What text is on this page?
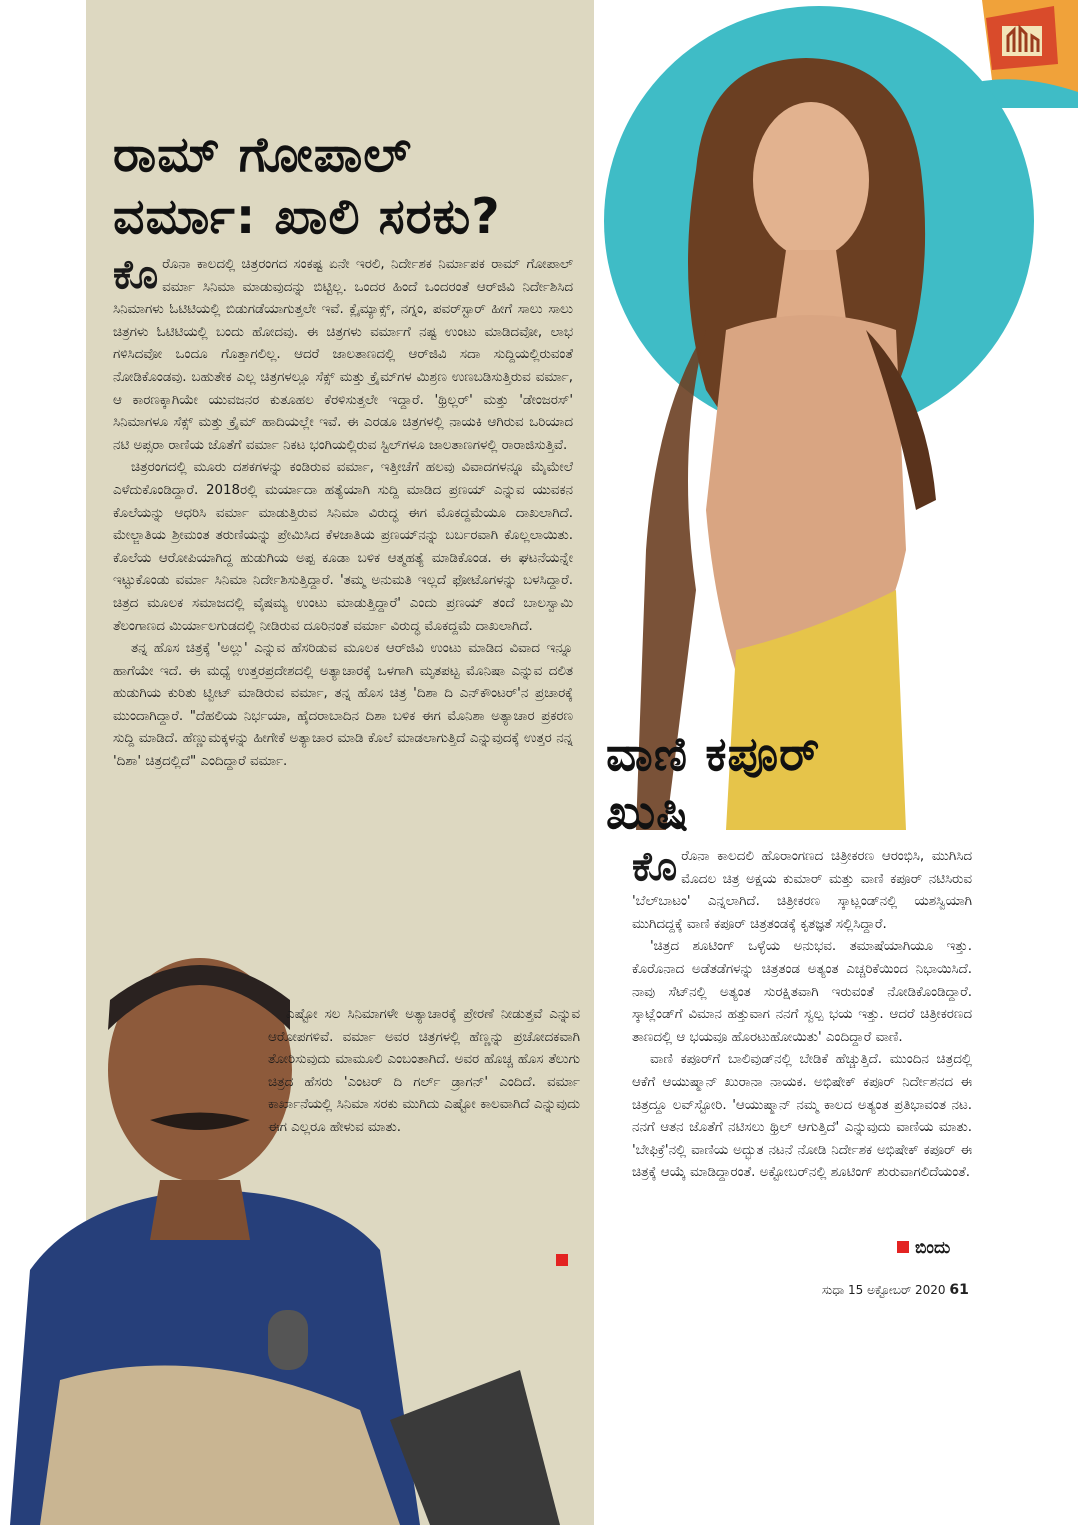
ರಾಮ್ ಗೋಪಾಲ್
ವರ್ಮಾ: ಖಾಲಿ ಸರಕು?

ಕೊರೊನಾ ಕಾಲದಲ್ಲಿ ಚಿತ್ರರಂಗದ ಸಂಕಷ್ಟ ಏನೇ ಇರಲಿ, ನಿರ್ದೇಶಕ ನಿರ್ಮಾಪಕ ರಾಮ್ ಗೋಪಾಲ್ ವರ್ಮಾ ಸಿನಿಮಾ ಮಾಡುವುದನ್ನು ಬಿಟ್ಟಿಲ್ಲ. ಒಂದರ ಹಿಂದೆ ಒಂದರಂತೆ ಆರ್‌ಜಿವಿ ನಿರ್ದೇಶಿಸಿದ ಸಿನಿಮಾಗಳು ಓಟಿಟಿಯಲ್ಲಿ ಬಿಡುಗಡೆಯಾಗುತ್ತಲೇ ಇವೆ. ಕ್ಲೈಮ್ಯಾಕ್ಸ್, ನಗ್ನಂ, ಪವರ್‌ಸ್ಟಾರ್ ಹೀಗೆ ಸಾಲು ಸಾಲು ಚಿತ್ರಗಳು ಓಟಿಟಿಯಲ್ಲಿ ಬಂದು ಹೋದವು. ಈ ಚಿತ್ರಗಳು ವರ್ಮಾಗೆ ನಷ್ಟ ಉಂಟು ಮಾಡಿದವೋ, ಲಾಭ ಗಳಿಸಿದವೋ ಒಂದೂ ಗೊತ್ತಾಗಲಿಲ್ಲ. ಆದರೆ ಜಾಲತಾಣದಲ್ಲಿ ಆರ್‌ಜಿವಿ ಸದಾ ಸುದ್ದಿಯಲ್ಲಿರುವಂತೆ ನೋಡಿಕೊಂಡವು. ಬಹುತೇಕ ಎಲ್ಲ ಚಿತ್ರಗಳಲ್ಲೂ ಸೆಕ್ಸ್ ಮತ್ತು ಕ್ರೈಮ್‌ಗಳ ಮಿಶ್ರಣ ಉಣಬಡಿಸುತ್ತಿರುವ ವರ್ಮಾ, ಆ ಕಾರಣಕ್ಕಾಗಿಯೇ ಯುವಜನರ ಕುತೂಹಲ ಕೆರಳಿಸುತ್ತಲೇ ಇದ್ದಾರೆ. 'ಥ್ರಿಲ್ಲರ್' ಮತ್ತು 'ಡೇಂಜರಸ್' ಸಿನಿಮಾಗಳೂ ಸೆಕ್ಸ್ ಮತ್ತು ಕ್ರೈಮ್ ಹಾದಿಯಲ್ಲೇ ಇವೆ. ಈ ಎರಡೂ ಚಿತ್ರಗಳಲ್ಲಿ ನಾಯಕಿ ಆಗಿರುವ ಒರಿಯಾದ ನಟಿ ಅಪ್ಸರಾ ರಾಣಿಯ ಜೊತೆಗೆ ವರ್ಮಾ ನಿಕಟ ಭಂಗಿಯಲ್ಲಿರುವ ಸ್ಟಿಲ್‌ಗಳೂ ಜಾಲತಾಣಗಳಲ್ಲಿ ರಾರಾಜಿಸುತ್ತಿವೆ.

ಚಿತ್ರರಂಗದಲ್ಲಿ ಮೂರು ದಶಕಗಳನ್ನು ಕಂಡಿರುವ ವರ್ಮಾ, ಇತ್ತೀಚೆಗೆ ಹಲವು ವಿವಾದಗಳನ್ನೂ ಮೈಮೇಲೆ ಎಳೆದುಕೊಂಡಿದ್ದಾರೆ. 2018ರಲ್ಲಿ ಮರ್ಯಾದಾ ಹತ್ಯೆಯಾಗಿ ಸುದ್ದಿ ಮಾಡಿದ ಪ್ರಣಯ್ ಎನ್ನುವ ಯುವಕನ ಕೊಲೆಯನ್ನು ಆಧರಿಸಿ ವರ್ಮಾ ಮಾಡುತ್ತಿರುವ ಸಿನಿಮಾ ವಿರುದ್ಧ ಈಗ ಮೊಕದ್ದಮೆಯೂ ದಾಖಲಾಗಿದೆ. ಮೇಲ್ಜಾತಿಯ ಶ್ರೀಮಂತ ತರುಣಿಯನ್ನು ಪ್ರೇಮಿಸಿದ ಕೆಳಜಾತಿಯ ಪ್ರಣಯ್‌ನನ್ನು ಬರ್ಬರವಾಗಿ ಕೊಲ್ಲಲಾಯಿತು. ಕೊಲೆಯ ಆರೋಪಿಯಾಗಿದ್ದ ಹುಡುಗಿಯ ಅಪ್ಪ ಕೂಡಾ ಬಳಿಕ ಆತ್ಮಹತ್ಯೆ ಮಾಡಿಕೊಂಡ. ಈ ಘಟನೆಯನ್ನೇ ಇಟ್ಟುಕೊಂಡು ವರ್ಮಾ ಸಿನಿಮಾ ನಿರ್ದೇಶಿಸುತ್ತಿದ್ದಾರೆ. 'ತಮ್ಮ ಅನುಮತಿ ಇಲ್ಲದೆ ಫೋಟೊಗಳನ್ನು ಬಳಸಿದ್ದಾರೆ. ಚಿತ್ರದ ಮೂಲಕ ಸಮಾಜದಲ್ಲಿ ವೈಷಮ್ಯ ಉಂಟು ಮಾಡುತ್ತಿದ್ದಾರೆ' ಎಂದು ಪ್ರಣಯ್ ತಂದೆ ಬಾಲಸ್ವಾಮಿ ತೆಲಂಗಾಣದ ಮಿರ್ಯಾಲಗುಡದಲ್ಲಿ ನೀಡಿರುವ ದೂರಿನಂತೆ ವರ್ಮಾ ವಿರುದ್ಧ ಮೊಕದ್ದಮೆ ದಾಖಲಾಗಿದೆ.

ತನ್ನ ಹೊಸ ಚಿತ್ರಕ್ಕೆ 'ಅಲ್ಲು' ಎನ್ನುವ ಹೆಸರಿಡುವ ಮೂಲಕ ಆರ್‌ಜಿವಿ ಉಂಟು ಮಾಡಿದ ವಿವಾದ ಇನ್ನೂ ಹಾಗೆಯೇ ಇದೆ. ಈ ಮಧ್ಯೆ ಉತ್ತರಪ್ರದೇಶದಲ್ಲಿ ಅತ್ಯಾಚಾರಕ್ಕೆ ಒಳಗಾಗಿ ಮೃತಪಟ್ಟ ಮೊನಿಷಾ ಎನ್ನುವ ದಲಿತ ಹುಡುಗಿಯ ಕುರಿತು ಟ್ವೀಟ್ ಮಾಡಿರುವ ವರ್ಮಾ, ತನ್ನ ಹೊಸ ಚಿತ್ರ 'ದಿಶಾ ದಿ ಎನ್‌ಕೌಂಟರ್'ನ ಪ್ರಚಾರಕ್ಕೆ ಮುಂದಾಗಿದ್ದಾರೆ. "ದೆಹಲಿಯ ನಿರ್ಭಯಾ, ಹೈದರಾಬಾದಿನ ದಿಶಾ ಬಳಿಕ ಈಗ ಮೊನಿಶಾ ಅತ್ಯಾಚಾರ ಪ್ರಕರಣ ಸುದ್ದಿ ಮಾಡಿದೆ. ಹೆಣ್ಣುಮಕ್ಕಳನ್ನು ಹೀಗೇಕೆ ಅತ್ಯಾಚಾರ ಮಾಡಿ ಕೊಲೆ ಮಾಡಲಾಗುತ್ತಿದೆ ಎನ್ನುವುದಕ್ಕೆ ಉತ್ತರ ನನ್ನ 'ದಿಶಾ' ಚಿತ್ರದಲ್ಲಿದೆ" ಎಂದಿದ್ದಾರೆ ವರ್ಮಾ.

ಎಷ್ಟೋ ಸಲ ಸಿನಿಮಾಗಳೇ ಅತ್ಯಾಚಾರಕ್ಕೆ ಪ್ರೇರಣೆ ನೀಡುತ್ತವೆ ಎನ್ನುವ ಆರೋಪಗಳಿವೆ. ವರ್ಮಾ ಅವರ ಚಿತ್ರಗಳಲ್ಲಿ ಹೆಣ್ಣನ್ನು ಪ್ರಚೋದಕವಾಗಿ ತೋರಿಸುವುದು ಮಾಮೂಲಿ ಎಂಬಂತಾಗಿದೆ. ಅವರ ಹೊಚ್ಚ ಹೊಸ ತೆಲುಗು ಚಿತ್ರದ ಹೆಸರು 'ಎಂಟರ್ ದಿ ಗರ್ಲ್ ಡ್ರಾಗನ್' ಎಂದಿದೆ. ವರ್ಮಾ ಕಾರ್ಖಾನೆಯಲ್ಲಿ ಸಿನಿಮಾ ಸರಕು ಮುಗಿದು ಎಷ್ಟೋ ಕಾಲವಾಗಿದೆ ಎನ್ನುವುದು ಈಗ ಎಲ್ಲರೂ ಹೇಳುವ ಮಾತು.

ವಾಣಿ ಕಪೂರ್
ಖುಷಿ

ಕೊರೊನಾ ಕಾಲದಲಿ ಹೊರಾಂಗಣದ ಚಿತ್ರೀಕರಣ ಆರಂಭಿಸಿ, ಮುಗಿಸಿದ ಮೊದಲ ಚಿತ್ರ ಅಕ್ಷಯ ಕುಮಾರ್ ಮತ್ತು ವಾಣಿ ಕಪೂರ್ ನಟಿಸಿರುವ 'ಬೆಲ್‌ಬಾಟಂ' ಎನ್ನಲಾಗಿದೆ. ಚಿತ್ರೀಕರಣ ಸ್ಕಾಟ್ಲಂಡ್‌ನಲ್ಲಿ ಯಶಸ್ವಿಯಾಗಿ ಮುಗಿದದ್ದಕ್ಕೆ ವಾಣಿ ಕಪೂರ್ ಚಿತ್ರತಂಡಕ್ಕೆ ಕೃತಜ್ಞತೆ ಸಲ್ಲಿಸಿದ್ದಾರೆ.

'ಚಿತ್ರದ ಶೂಟಿಂಗ್ ಒಳ್ಳೆಯ ಅನುಭವ. ತಮಾಷೆಯಾಗಿಯೂ ಇತ್ತು. ಕೊರೊನಾದ ಅಡೆತಡೆಗಳನ್ನು ಚಿತ್ರತಂಡ ಅತ್ಯಂತ ಎಚ್ಚರಿಕೆಯಿಂದ ನಿಭಾಯಿಸಿದೆ. ನಾವು ಸೆಟ್‌ನಲ್ಲಿ ಅತ್ಯಂತ ಸುರಕ್ಷಿತವಾಗಿ ಇರುವಂತೆ ನೋಡಿಕೊಂಡಿದ್ದಾರೆ. ಸ್ಕಾಟ್ಲೆಂಡ್‌ಗೆ ವಿಮಾನ ಹತ್ತುವಾಗ ನನಗೆ ಸ್ವಲ್ಪ ಭಯ ಇತ್ತು. ಆದರೆ ಚಿತ್ರೀಕರಣದ ತಾಣದಲ್ಲಿ ಆ ಭಯವೂ ಹೊರಟುಹೋಯಿತು' ಎಂದಿದ್ದಾರೆ ವಾಣಿ.

ವಾಣಿ ಕಪೂರ್‌ಗೆ ಬಾಲಿವುಡ್‌ನಲ್ಲಿ ಬೇಡಿಕೆ ಹೆಚ್ಚುತ್ತಿದೆ. ಮುಂದಿನ ಚಿತ್ರದಲ್ಲಿ ಆಕೆಗೆ ಆಯುಷ್ಮಾನ್ ಖುರಾನಾ ನಾಯಕ. ಅಭಿಷೇಕ್ ಕಪೂರ್ ನಿರ್ದೇಶನದ ಈ ಚಿತ್ರದ್ದೂ ಲವ್‌ಸ್ಟೋರಿ. 'ಆಯುಷ್ಮಾನ್ ನಮ್ಮ ಕಾಲದ ಅತ್ಯಂತ ಪ್ರತಿಭಾವಂತ ನಟ. ನನಗೆ ಆತನ ಜೊತೆಗೆ ನಟಿಸಲು ಥ್ರಿಲ್ ಆಗುತ್ತಿದೆ' ಎನ್ನುವುದು ವಾಣಿಯ ಮಾತು. 'ಬೇಫಿಕ್ರೆ'ನಲ್ಲಿ ವಾಣಿಯ ಅದ್ಭುತ ನಟನೆ ನೋಡಿ ನಿರ್ದೇಶಕ ಅಭಿಷೇಕ್ ಕಪೂರ್ ಈ ಚಿತ್ರಕ್ಕೆ ಆಯ್ಕೆ ಮಾಡಿದ್ದಾರಂತೆ. ಅಕ್ಟೋಬರ್‌ನಲ್ಲಿ ಶೂಟಿಂಗ್ ಶುರುವಾಗಲಿದೆಯಂತೆ.

ಬಿಂದು
ಸುಧಾ 15 ಅಕ್ಟೋಬರ್ 2020 61
